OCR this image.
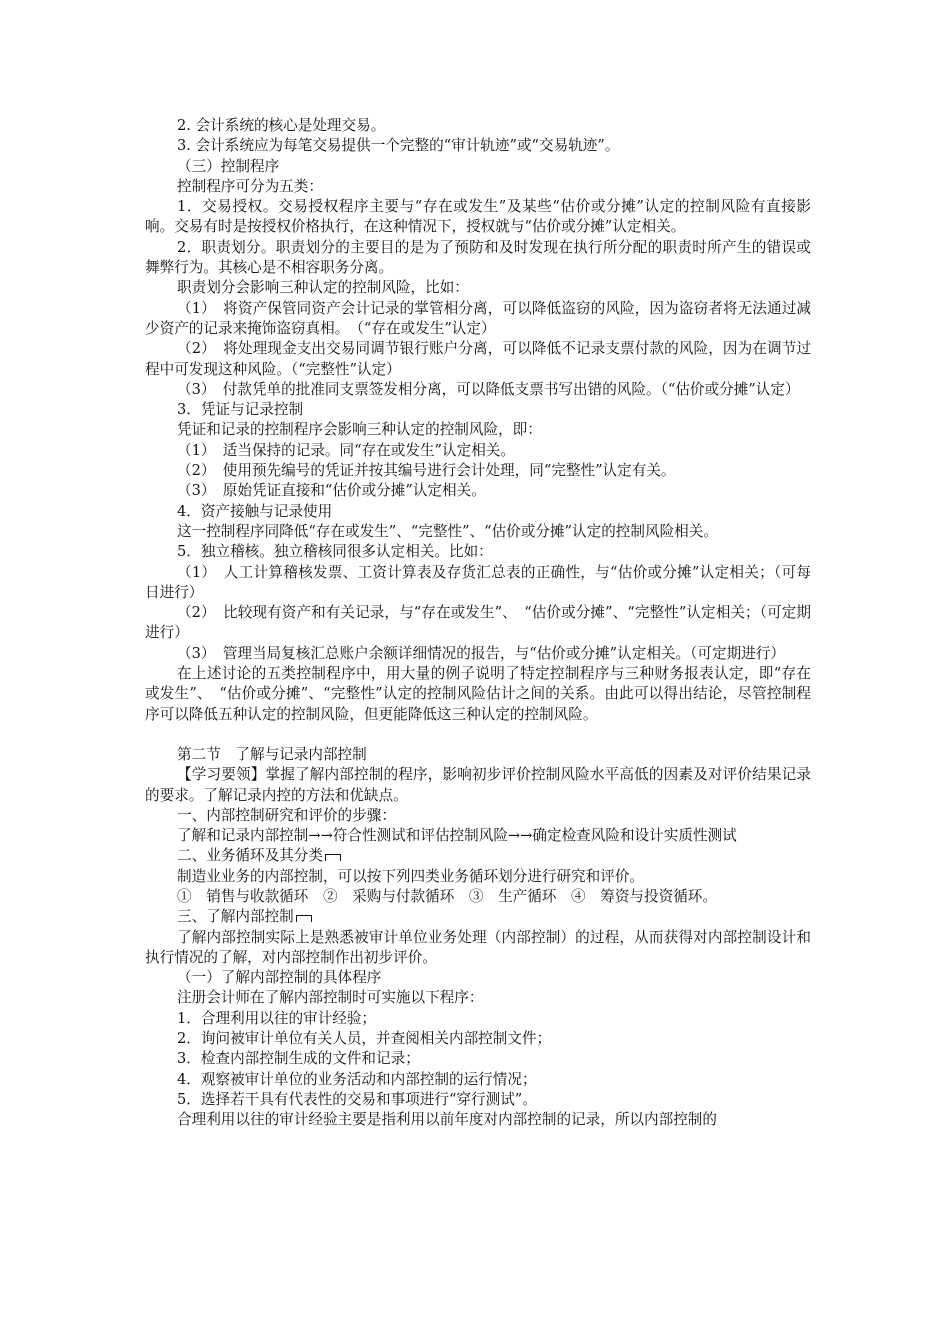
2. 会计系统的核心是处理交易。

3. 会计系统应为每笔交易提供一个完整的“审计轨迹”或“交易轨迹”。

（三）控制程序

控制程序可分为五类：

1．交易授权。交易授权程序主要与“存在或发生”及某些“估价或分摊”认定的控制风险有直接影响。交易有时是按授权价格执行，在这种情况下，授权就与“估价或分摊”认定相关。

2．职责划分。职责划分的主要目的是为了预防和及时发现在执行所分配的职责时所产生的错误或舞弊行为。其核心是不相容职务分离。

职责划分会影响三种认定的控制风险，比如：

（1）　将资产保管同资产会计记录的掌管相分离，可以降低盗窃的风险，因为盗窃者将无法通过减少资产的记录来掩饰盗窃真相。　（“存在或发生”认定）

（2）　将处理现金支出交易同调节银行账户分离，可以降低不记录支票付款的风险，因为在调节过程中可发现这种风险。（“完整性”认定）

（3）　付款凭单的批准同支票签发相分离，可以降低支票书写出错的风险。（“估价或分摊”认定）

3．凭证与记录控制

凭证和记录的控制程序会影响三种认定的控制风险，即：

（1）　适当保持的记录。同“存在或发生”认定相关。

（2）　使用预先编号的凭证并按其编号进行会计处理，同“完整性”认定有关。

（3）　原始凭证直接和“估价或分摊”认定相关。

4．资产接触与记录使用

这一控制程序同降低“存在或发生”、“完整性”、“估价或分摊”认定的控制风险相关。

5．独立稽核。独立稽核同很多认定相关。比如：

（1）　人工计算稽核发票、工资计算表及存货汇总表的正确性，与“估价或分摊”认定相关；（可每日进行）

（2）　比较现有资产和有关记录，与“存在或发生”、　“估价或分摊”、“完整性”认定相关；（可定期进行）

（3）　管理当局复核汇总账户余额详细情况的报告，与“估价或分摊”认定相关。（可定期进行）

在上述讨论的五类控制程序中，用大量的例子说明了特定控制程序与三种财务报表认定，即“存在或发生”、　“估价或分摊”、“完整性”认定的控制风险估计之间的关系。由此可以得出结论，尽管控制程序可以降低五种认定的控制风险，但更能降低这三种认定的控制风险。

第二节　了解与记录内部控制

【学习要领】掌握了解内部控制的程序，影响初步评价控制风险水平高低的因素及对评价结果记录的要求。了解记录内控的方法和优缺点。

一、内部控制研究和评价的步骤：

了解和记录内部控制→→符合性测试和评估控制风险→→确定检查风险和设计实质性测试

二、业务循环及其分类

制造业业务的内部控制，可以按下列四类业务循环划分进行研究和评价。

①　销售与收款循环　②　采购与付款循环　③　生产循环　④　筹资与投资循环。

三、了解内部控制

了解内部控制实际上是熟悉被审计单位业务处理（内部控制）的过程，从而获得对内部控制设计和执行情况的了解，对内部控制作出初步评价。

（一）了解内部控制的具体程序

注册会计师在了解内部控制时可实施以下程序：

1．合理利用以往的审计经验；

2．询问被审计单位有关人员，并查阅相关内部控制文件；

3．检查内部控制生成的文件和记录；

4．观察被审计单位的业务活动和内部控制的运行情况；

5．选择若干具有代表性的交易和事项进行“穿行测试”。

合理利用以往的审计经验主要是指利用以前年度对内部控制的记录，所以内部控制的
